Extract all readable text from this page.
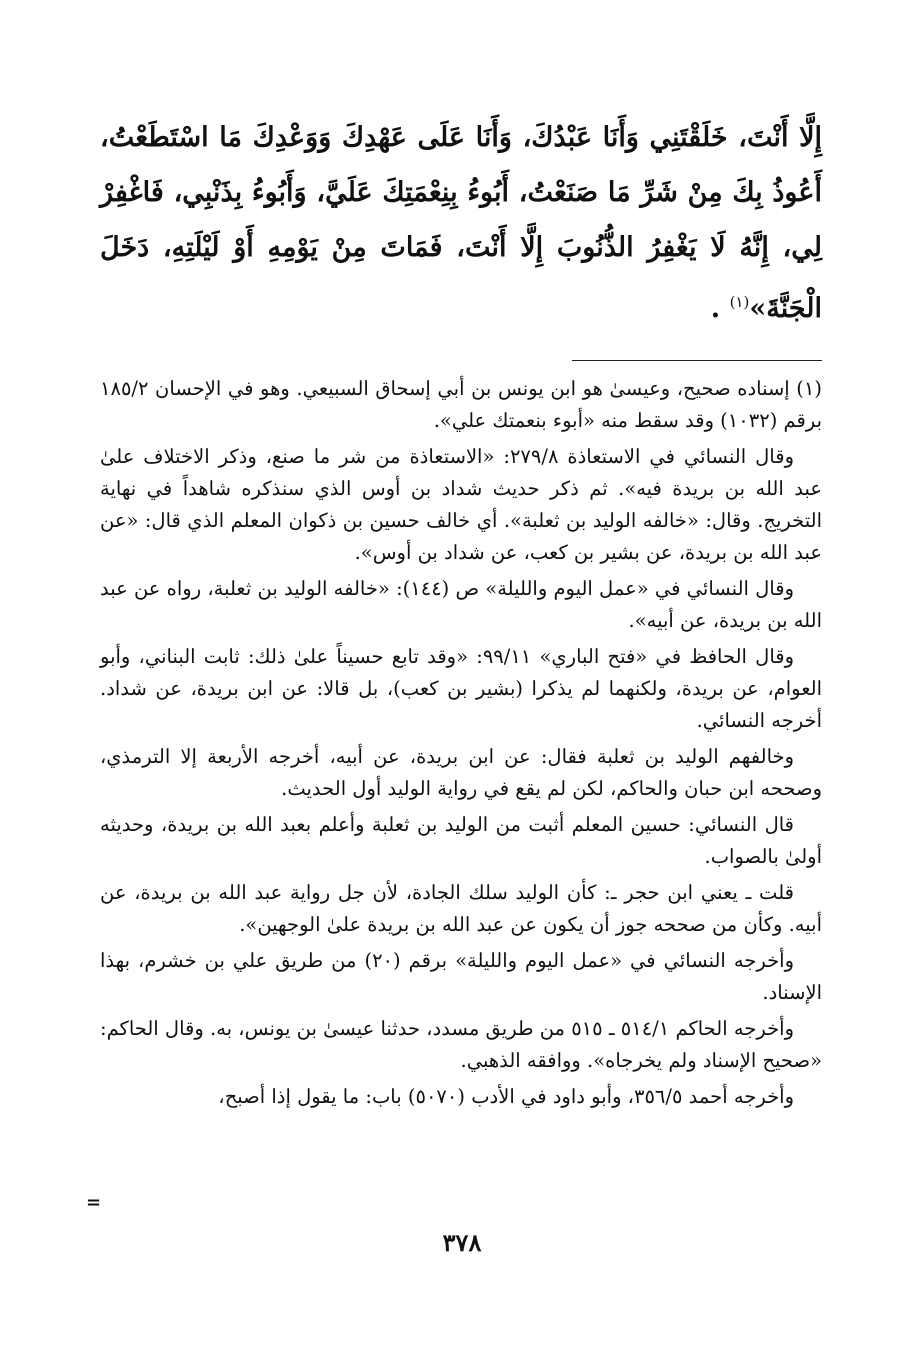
إِلَّا أَنْتَ، خَلَقْتَنِي وَأَنَا عَبْدُكَ، وَأَنَا عَلَى عَهْدِكَ وَوَعْدِكَ مَا اسْتَطَعْتُ، أَعُوذُ بِكَ مِنْ شَرِّ مَا صَنَعْتُ، أَبُوءُ بِنِعْمَتِكَ عَلَيَّ، وَأَبُوءُ بِذَنْبِي، فَاغْفِرْ لِي، إِنَّهُ لَا يَغْفِرُ الذُّنُوبَ إِلَّا أَنْتَ، فَمَاتَ مِنْ يَوْمِهِ أَوْ لَيْلَتِهِ، دَخَلَ الْجَنَّةَ»$^{(١)}$ .

(١) إسناده صحيح، وعيسىٰ هو ابن يونس بن أبي إسحاق السبيعي. وهو في الإحسان ١٨٥/٢ برقم (١٠٣٢) وقد سقط منه «أبوء بنعمتك علي».

وقال النسائي في الاستعاذة ٢٧٩/٨: «الاستعاذة من شر ما صنع، وذكر الاختلاف علىٰ عبد الله بن بريدة فيه». ثم ذكر حديث شداد بن أوس الذي سنذكره شاهداً في نهاية التخريج. وقال: «خالفه الوليد بن ثعلبة». أي خالف حسين بن ذكوان المعلم الذي قال: «عن عبد الله بن بريدة، عن بشير بن كعب، عن شداد بن أوس».

وقال النسائي في «عمل اليوم والليلة» ص (١٤٤): «خالفه الوليد بن ثعلبة، رواه عن عبد الله بن بريدة، عن أبيه».

وقال الحافظ في «فتح الباري» ٩٩/١١: «وقد تابع حسيناً علىٰ ذلك: ثابت البناني، وأبو العوام، عن بريدة، ولكنهما لم يذكرا (بشير بن كعب)، بل قالا: عن ابن بريدة، عن شداد. أخرجه النسائي.

وخالفهم الوليد بن ثعلبة فقال: عن ابن بريدة، عن أبيه، أخرجه الأربعة إلا الترمذي، وصححه ابن حبان والحاكم، لكن لم يقع في رواية الوليد أول الحديث.

قال النسائي: حسين المعلم أثبت من الوليد بن ثعلبة وأعلم بعبد الله بن بريدة، وحديثه أولىٰ بالصواب.

قلت ـ يعني ابن حجر ـ: كأن الوليد سلك الجادة، لأن جل رواية عبد الله بن بريدة، عن أبيه. وكأن من صححه جوز أن يكون عن عبد الله بن بريدة علىٰ الوجهين».

وأخرجه النسائي في «عمل اليوم والليلة» برقم (٢٠) من طريق علي بن خشرم، بهذا الإسناد.

وأخرجه الحاكم ٥١٤/١ ـ ٥١٥ من طريق مسدد، حدثنا عيسىٰ بن يونس، به. وقال الحاكم: «صحيح الإسناد ولم يخرجاه». ووافقه الذهبي.

وأخرجه أحمد ٣٥٦/٥، وأبو داود في الأدب (٥٠٧٠) باب: ما يقول إذا أصبح،

=
٣٧٨
